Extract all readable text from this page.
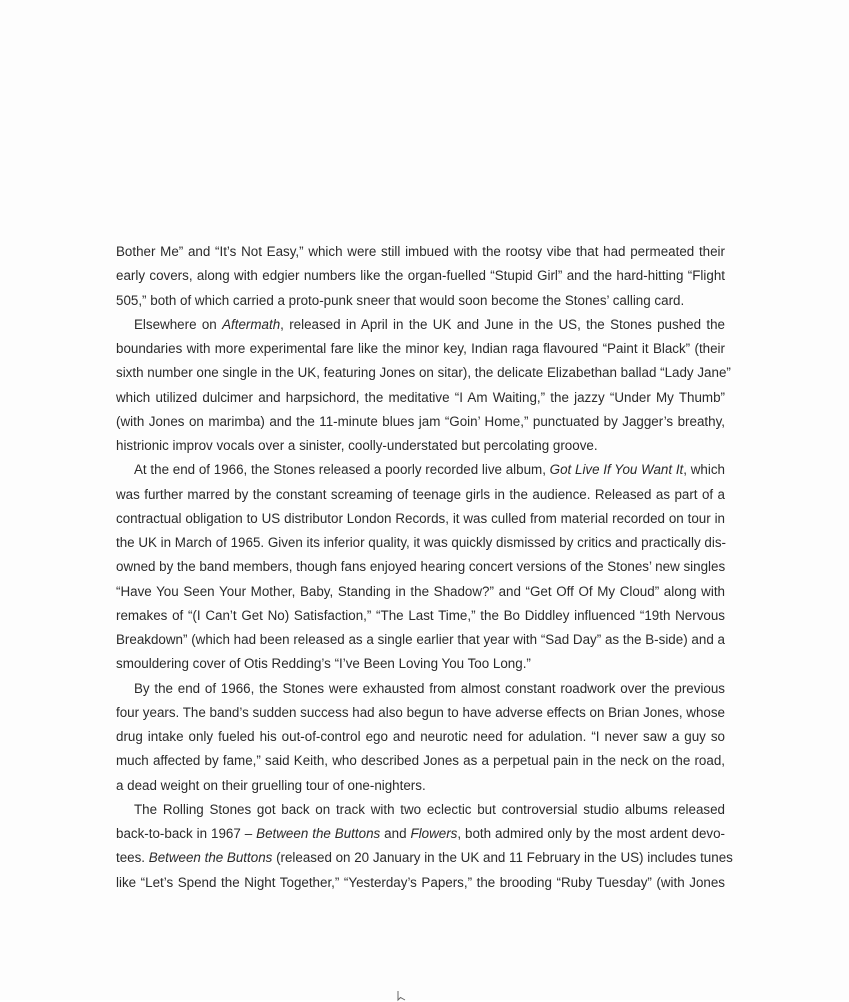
Bother Me” and “It’s Not Easy,” which were still imbued with the rootsy vibe that had permeated their
early covers, along with edgier numbers like the organ-fuelled “Stupid Girl” and the hard-hitting “Flight
505,” both of which carried a proto-punk sneer that would soon become the Stones’ calling card.
Elsewhere on Aftermath, released in April in the UK and June in the US, the Stones pushed the
boundaries with more experimental fare like the minor key, Indian raga flavoured “Paint it Black” (their
sixth number one single in the UK, featuring Jones on sitar), the delicate Elizabethan ballad “Lady Jane”
which utilized dulcimer and harpsichord, the meditative “I Am Waiting,” the jazzy “Under My Thumb”
(with Jones on marimba) and the 11-minute blues jam “Goin’ Home,” punctuated by Jagger’s breathy,
histrionic improv vocals over a sinister, coolly-understated but percolating groove.
At the end of 1966, the Stones released a poorly recorded live album, Got Live If You Want It, which
was further marred by the constant screaming of teenage girls in the audience. Released as part of a
contractual obligation to US distributor London Records, it was culled from material recorded on tour in
the UK in March of 1965. Given its inferior quality, it was quickly dismissed by critics and practically dis-
owned by the band members, though fans enjoyed hearing concert versions of the Stones’ new singles
“Have You Seen Your Mother, Baby, Standing in the Shadow?” and “Get Off Of My Cloud” along with
remakes of “(I Can’t Get No) Satisfaction,” “The Last Time,” the Bo Diddley influenced “19th Nervous
Breakdown” (which had been released as a single earlier that year with “Sad Day” as the B-side) and a
smouldering cover of Otis Redding’s “I’ve Been Loving You Too Long.”
By the end of 1966, the Stones were exhausted from almost constant roadwork over the previous
four years. The band’s sudden success had also begun to have adverse effects on Brian Jones, whose
drug intake only fueled his out-of-control ego and neurotic need for adulation. “I never saw a guy so
much affected by fame,” said Keith, who described Jones as a perpetual pain in the neck on the road,
a dead weight on their gruelling tour of one-nighters.
The Rolling Stones got back on track with two eclectic but controversial studio albums released
back-to-back in 1967 – Between the Buttons and Flowers, both admired only by the most ardent devo-
tees. Between the Buttons (released on 20 January in the UK and 11 February in the US) includes tunes
like “Let’s Spend the Night Together,” “Yesterday’s Papers,” the brooding “Ruby Tuesday” (with Jones
